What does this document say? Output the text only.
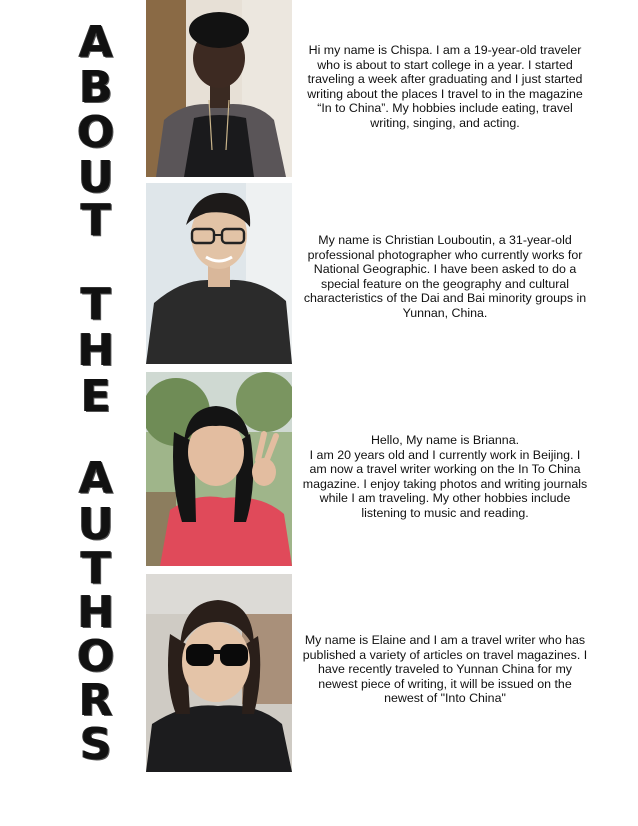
A
B
O
U
T
T
H
E
A
U
T
H
O
R
S

Hi my name is Chispa. I am a 19-year-old traveler who is about to start college in a year. I started traveling a week after graduating and I just started writing about the places I travel to in the magazine “In to China”. My hobbies include eating, travel writing, singing, and acting.

My name is Christian Louboutin, a 31-year-old professional photographer who currently works for National Geographic. I have been asked to do a special feature on the geography and cultural characteristics of the Dai and Bai minority groups in Yunnan, China.

Hello, My name is Brianna.

I am 20 years old and I currently work in Beijing. I am now a travel writer working on the In To China magazine. I enjoy taking photos and writing journals while I am traveling. My other hobbies include listening to music and reading.

My name is Elaine and I am a travel writer who has published a variety of articles on travel magazines. I have recently traveled to Yunnan China for my newest piece of writing, it will be issued on the newest of "Into China"
